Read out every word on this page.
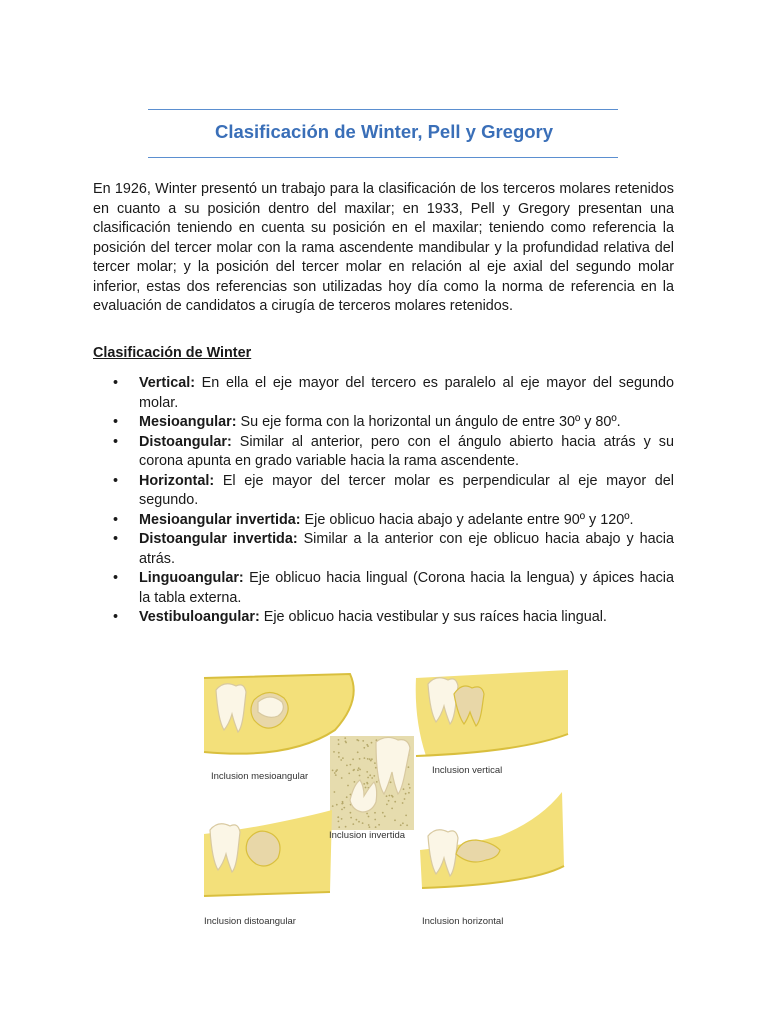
Clasificación de Winter, Pell y Gregory

En 1926, Winter presentó un trabajo para la clasificación de los terceros molares retenidos en cuanto a su posición dentro del maxilar; en 1933, Pell y Gregory presentan una clasificación teniendo en cuenta su posición en el maxilar; teniendo como referencia la posición del tercer molar con la rama ascendente mandibular y la profundidad relativa del tercer molar; y la posición del tercer molar en relación al eje axial del segundo molar inferior, estas dos referencias son utilizadas hoy día como la norma de referencia en la evaluación de candidatos a cirugía de terceros molares retenidos.

Clasificación de Winter

• Vertical: En ella el eje mayor del tercero es paralelo al eje mayor del segundo molar.
• Mesioangular: Su eje forma con la horizontal un ángulo de entre 30º y 80º.
• Distoangular: Similar al anterior, pero con el ángulo abierto hacia atrás y su corona apunta en grado variable hacia la rama ascendente.
• Horizontal: El eje mayor del tercer molar es perpendicular al eje mayor del segundo.
• Mesioangular invertida: Eje oblicuo hacia abajo y adelante entre 90º y 120º.
• Distoangular invertida: Similar a la anterior con eje oblicuo hacia abajo y hacia atrás.
• Linguoangular: Eje oblicuo hacia lingual (Corona hacia la lengua) y ápices hacia la tabla externa.
• Vestibuloangular: Eje oblicuo hacia vestibular y sus raíces hacia lingual.
Inclusion mesioangular
Inclusion vertical
Inclusion invertida
Inclusion distoangular	Inclusion horizontal
